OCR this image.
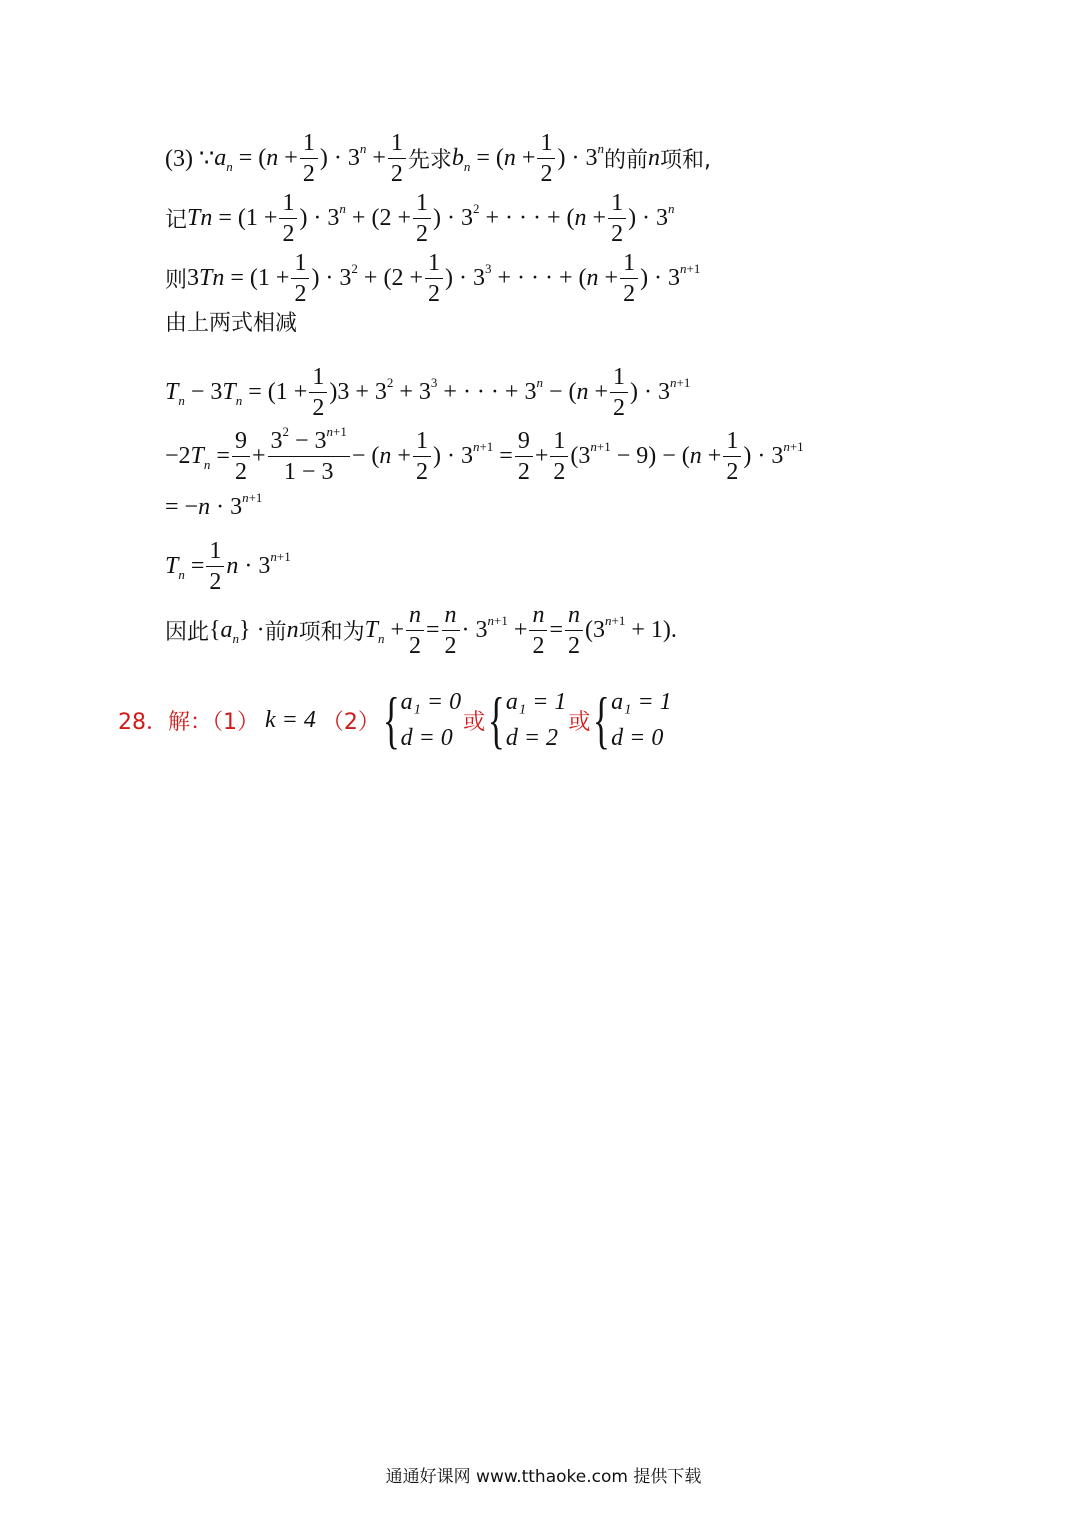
(3) ∵ $a_n = (n + \frac{1}{2}$ ) · $3^n + \frac{1}{2}$ 先求 $b_n = (n + \frac{1}{2}$ ) · $3^n$ 的前 n 项和,
记 $Tn = (1 + \frac{1}{2}$ ) · $3^n + (2 + \frac{1}{2}$ ) · $3^2$ + · · · + ($n + \frac{1}{2}$ ) · $3^n$
则 $3Tn = (1 + \frac{1}{2}$ ) · $3^2 + (2 + \frac{1}{2}$ ) · $3^3$ + · · · + ($n + \frac{1}{2}$ ) · $3^{n+1}$
由上两式相减
$T_n - 3T_n = (1 + \frac{1}{2} )3 + 3^2 + 3^3$ + · · · + $3^n - (n + \frac{1}{2}$ ) · $3^{n+1}$
$-2T_n = \frac{9}{2} + \frac{3^2 - 3^{n+1}}{1 - 3} - (n + \frac{1}{2}$ ) · $3^{n+1} = \frac{9}{2} + \frac{1}{2} (3^{n+1} - 9) - (n + \frac{1}{2}$ ) · $3^{n+1}$
= $-n \cdot 3^{n+1}$
$T_n = \frac{1}{2}$ $n \cdot 3^{n+1}$
因此 $\{a_n\}$ · 前 n 项和为 $T_n + \frac{n}{2} = \frac{n}{2} \cdot 3^{n+1} + \frac{n}{2} = \frac{n}{2} (3^{n+1} + 1)$.
28．解：（1） k = 4 （2） { a₁ = 0
d = 0
或 { a₁ = 1
d = 2
或 { a₁ = 1
d = 0
通通好课网 www.tthaoke.com 提供下载
